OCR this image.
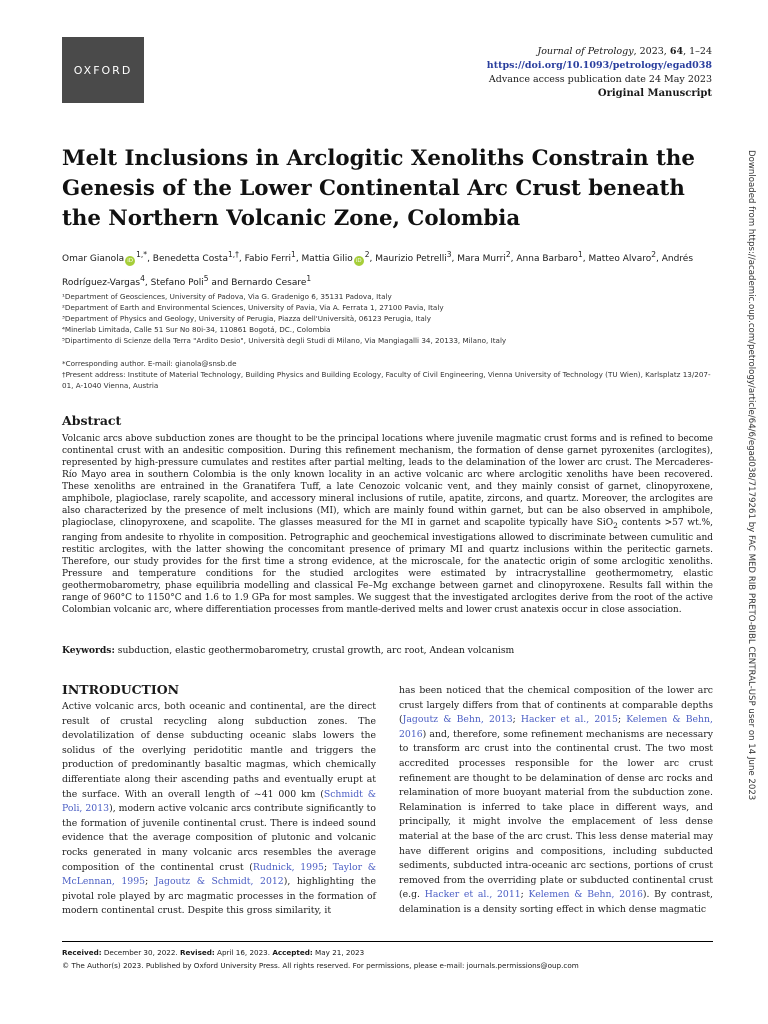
OXFORD
Journal of Petrology, 2023, 64, 1–24
https://doi.org/10.1093/petrology/egad038
Advance access publication date 24 May 2023
Original Manuscript
Melt Inclusions in Arclogitic Xenoliths Constrain the Genesis of the Lower Continental Arc Crust beneath the Northern Volcanic Zone, Colombia
Omar Gianola $iD^{1,*}$, Benedetta Costa$^{1,\dagger}$, Fabio Ferri$^1$, Mattia Gilio $iD^2$, Maurizio Petrelli$^3$, Mara Murri$^2$, Anna Barbaro$^1$, Matteo Alvaro$^2$, Andrés Rodríguez-Vargas$^4$, Stefano Poli$^5$ and Bernardo Cesare$^1$
¹Department of Geosciences, University of Padova, Via G. Gradenigo 6, 35131 Padova, Italy
²Department of Earth and Environmental Sciences, University of Pavia, Via A. Ferrata 1, 27100 Pavia, Italy
³Department of Physics and Geology, University of Perugia, Piazza dell'Università, 06123 Perugia, Italy
⁴Minerlab Limitada, Calle 51 Sur No 80i-34, 110861 Bogotá, DC., Colombia
⁵Dipartimento di Scienze della Terra "Ardito Desio", Università degli Studi di Milano, Via Mangiagalli 34, 20133, Milano, Italy
*Corresponding author. E-mail: gianola@snsb.de
†Present address: Institute of Material Technology, Building Physics and Building Ecology, Faculty of Civil Engineering, Vienna University of Technology (TU Wien), Karlsplatz 13/207-01, A-1040 Vienna, Austria
Abstract

Volcanic arcs above subduction zones are thought to be the principal locations where juvenile magmatic crust forms and is refined to become continental crust with an andesitic composition. During this refinement mechanism, the formation of dense garnet pyroxenites (arclogites), represented by high-pressure cumulates and restites after partial melting, leads to the delamination of the lower arc crust. The Mercaderes-Río Mayo area in southern Colombia is the only known locality in an active volcanic arc where arclogitic xenoliths have been recovered. These xenoliths are entrained in the Granatifera Tuff, a late Cenozoic volcanic vent, and they mainly consist of garnet, clinopyroxene, amphibole, plagioclase, rarely scapolite, and accessory mineral inclusions of rutile, apatite, zircons, and quartz. Moreover, the arclogites are also characterized by the presence of melt inclusions (MI), which are mainly found within garnet, but can be also observed in amphibole, plagioclase, clinopyroxene, and scapolite. The glasses measured for the MI in garnet and scapolite typically have SiO$_2$ contents >57 wt.%, ranging from andesite to rhyolite in composition. Petrographic and geochemical investigations allowed to discriminate between cumulitic and restitic arclogites, with the latter showing the concomitant presence of primary MI and quartz inclusions within the peritectic garnets. Therefore, our study provides for the first time a strong evidence, at the microscale, for the anatectic origin of some arclogitic xenoliths. Pressure and temperature conditions for the studied arclogites were estimated by intracrystalline geothermometry, elastic geothermobarometry, phase equilibria modelling and classical Fe–Mg exchange between garnet and clinopyroxene. Results fall within the range of 960°C to 1150°C and 1.6 to 1.9 GPa for most samples. We suggest that the investigated arclogites derive from the root of the active Colombian volcanic arc, where differentiation processes from mantle-derived melts and lower crust anatexis occur in close association.

Keywords: subduction, elastic geothermobarometry, crustal growth, arc root, Andean volcanism

INTRODUCTION

Active volcanic arcs, both oceanic and continental, are the direct result of crustal recycling along subduction zones. The devolatilization of dense subducting oceanic slabs lowers the solidus of the overlying peridotitic mantle and triggers the production of predominantly basaltic magmas, which chemically differentiate along their ascending paths and eventually erupt at the surface. With an overall length of ~41 000 km (Schmidt & Poli, 2013), modern active volcanic arcs contribute significantly to the formation of juvenile continental crust. There is indeed sound evidence that the average composition of plutonic and volcanic rocks generated in many volcanic arcs resembles the average composition of the continental crust (Rudnick, 1995; Taylor & McLennan, 1995; Jagoutz & Schmidt, 2012), highlighting the pivotal role played by arc magmatic processes in the formation of modern continental crust. Despite this gross similarity, it

has been noticed that the chemical composition of the lower arc crust largely differs from that of continents at comparable depths (Jagoutz & Behn, 2013; Hacker et al., 2015; Kelemen & Behn, 2016) and, therefore, some refinement mechanisms are necessary to transform arc crust into the continental crust. The two most accredited processes responsible for the lower arc crust refinement are thought to be delamination of dense arc rocks and relamination of more buoyant material from the subduction zone. Relamination is inferred to take place in different ways, and principally, it might involve the emplacement of less dense material at the base of the arc crust. This less dense material may have different origins and compositions, including subducted sediments, subducted intra-oceanic arc sections, portions of crust removed from the overriding plate or subducted continental crust (e.g. Hacker et al., 2011; Kelemen & Behn, 2016). By contrast, delamination is a density sorting effect in which dense magmatic

Received: December 30, 2022. Revised: April 16, 2023. Accepted: May 21, 2023
© The Author(s) 2023. Published by Oxford University Press. All rights reserved. For permissions, please e-mail: journals.permissions@oup.com
Downloaded from https://academic.oup.com/petrology/article/64/6/egad038/7179261 by FAC MED RIB PRETO-BIBL CENTRAL-USP user on 14 June 2023
